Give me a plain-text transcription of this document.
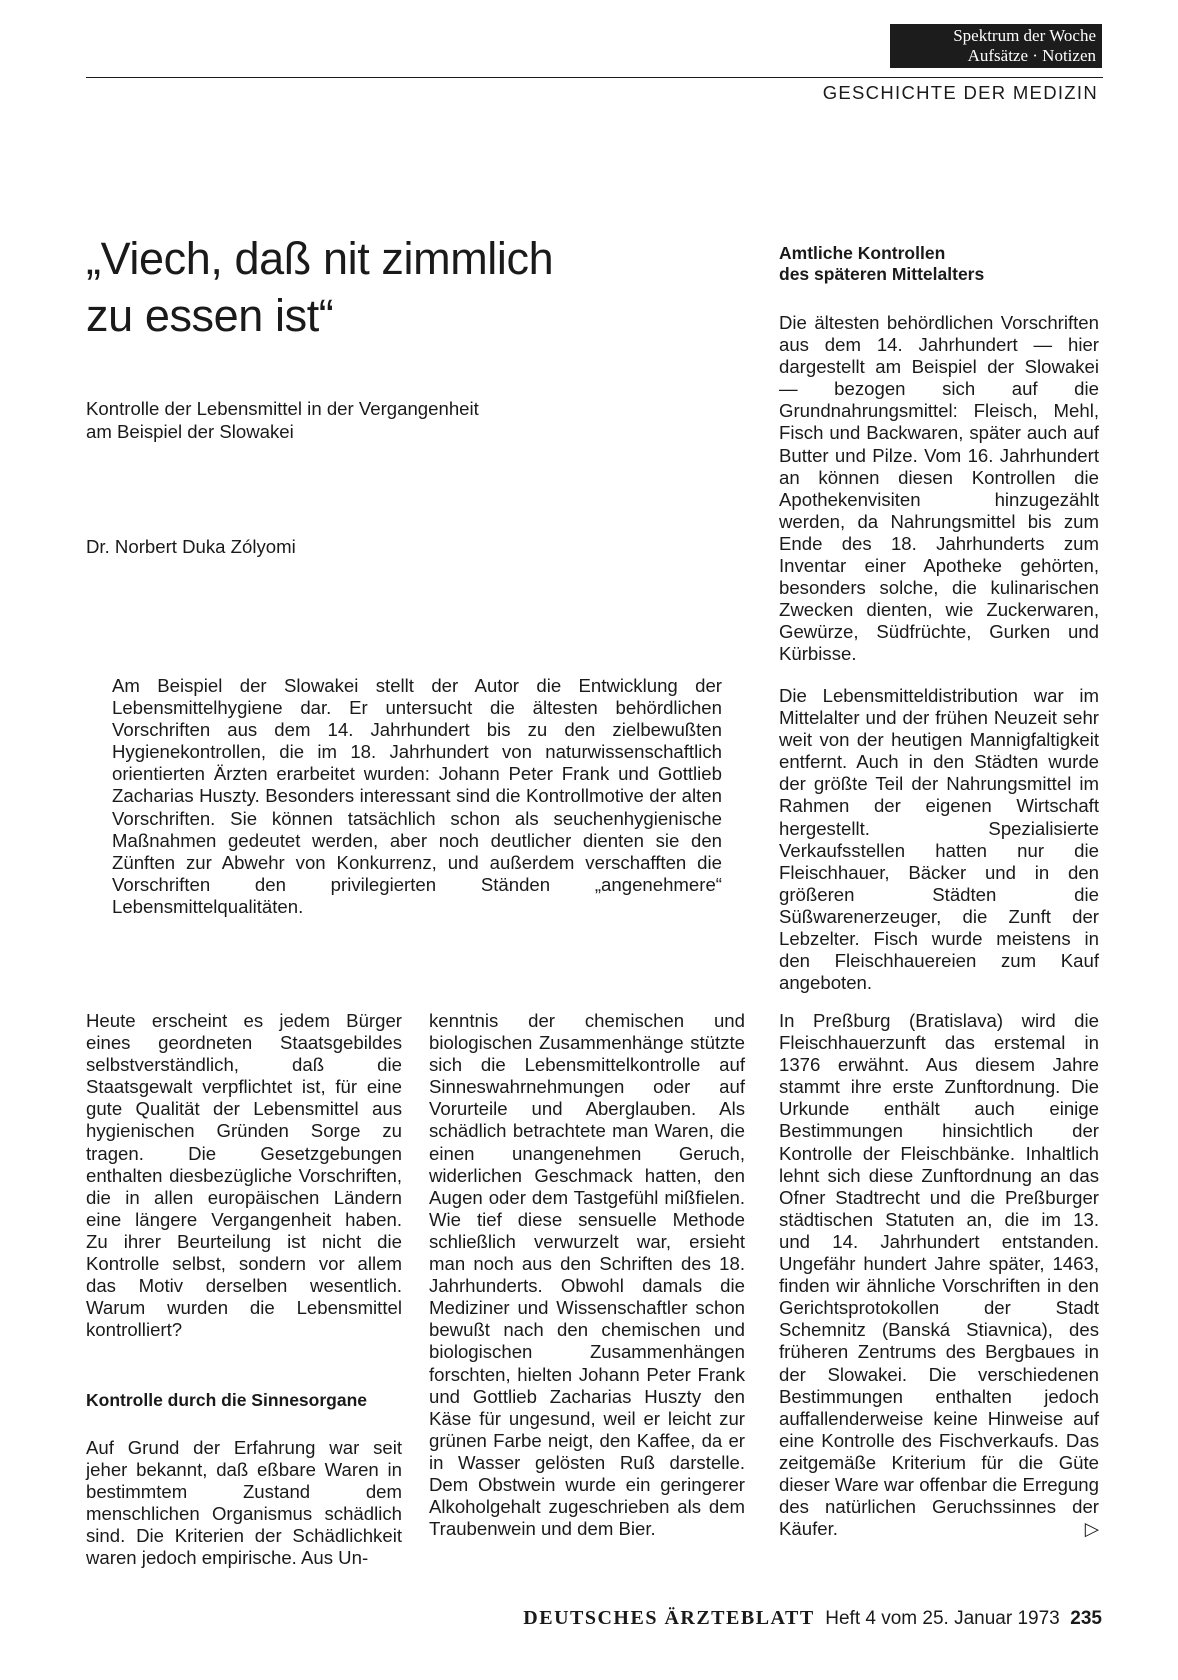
Spektrum der Woche
Aufsätze · Notizen
GESCHICHTE DER MEDIZIN
„Viech, daß nit zimmlich
zu essen ist“
Kontrolle der Lebensmittel in der Vergangenheit
am Beispiel der Slowakei
Dr. Norbert Duka Zólyomi
Am Beispiel der Slowakei stellt der Autor die Entwicklung der Lebensmittelhygiene dar. Er untersucht die ältesten behördlichen Vorschriften aus dem 14. Jahrhundert bis zu den zielbewußten Hygienekontrollen, die im 18. Jahrhundert von naturwissenschaftlich orientierten Ärzten erarbeitet wurden: Johann Peter Frank und Gottlieb Zacharias Huszty. Besonders interessant sind die Kontrollmotive der alten Vorschriften. Sie können tatsächlich schon als seuchenhygienische Maßnahmen gedeutet werden, aber noch deutlicher dienten sie den Zünften zur Abwehr von Konkurrenz, und außerdem verschafften die Vorschriften den privilegierten Ständen „angenehmere“ Lebensmittelqualitäten.
Amtliche Kontrollen
des späteren Mittelalters
Die ältesten behördlichen Vorschriften aus dem 14. Jahrhundert — hier dargestellt am Beispiel der Slowakei — bezogen sich auf die Grundnahrungsmittel: Fleisch, Mehl, Fisch und Backwaren, später auch auf Butter und Pilze. Vom 16. Jahrhundert an können diesen Kontrollen die Apothekenvisiten hinzugezählt werden, da Nahrungsmittel bis zum Ende des 18. Jahrhunderts zum Inventar einer Apotheke gehörten, besonders solche, die kulinarischen Zwecken dienten, wie Zuckerwaren, Gewürze, Südfrüchte, Gurken und Kürbisse.
Die Lebensmitteldistribution war im Mittelalter und der frühen Neuzeit sehr weit von der heutigen Mannigfaltigkeit entfernt. Auch in den Städten wurde der größte Teil der Nahrungsmittel im Rahmen der eigenen Wirtschaft hergestellt. Spezialisierte Verkaufsstellen hatten nur die Fleischhauer, Bäcker und in den größeren Städten die Süßwarenerzeuger, die Zunft der Lebzelter. Fisch wurde meistens in den Fleischhauereien zum Kauf angeboten.
Heute erscheint es jedem Bürger eines geordneten Staatsgebildes selbstverständlich, daß die Staatsgewalt verpflichtet ist, für eine gute Qualität der Lebensmittel aus hygienischen Gründen Sorge zu tragen. Die Gesetzgebungen enthalten diesbezügliche Vorschriften, die in allen europäischen Ländern eine längere Vergangenheit haben. Zu ihrer Beurteilung ist nicht die Kontrolle selbst, sondern vor allem das Motiv derselben wesentlich. Warum wurden die Lebensmittel kontrolliert?
Kontrolle durch die Sinnesorgane
Auf Grund der Erfahrung war seit jeher bekannt, daß eßbare Waren in bestimmtem Zustand dem menschlichen Organismus schädlich sind. Die Kriterien der Schädlichkeit waren jedoch empirische. Aus Un-
kenntnis der chemischen und biologischen Zusammenhänge stützte sich die Lebensmittelkontrolle auf Sinneswahrnehmungen oder auf Vorurteile und Aberglauben. Als schädlich betrachtete man Waren, die einen unangenehmen Geruch, widerlichen Geschmack hatten, den Augen oder dem Tastgefühl mißfielen. Wie tief diese sensuelle Methode schließlich verwurzelt war, ersieht man noch aus den Schriften des 18. Jahrhunderts. Obwohl damals die Mediziner und Wissenschaftler schon bewußt nach den chemischen und biologischen Zusammenhängen forschten, hielten Johann Peter Frank und Gottlieb Zacharias Huszty den Käse für ungesund, weil er leicht zur grünen Farbe neigt, den Kaffee, da er in Wasser gelösten Ruß darstelle. Dem Obstwein wurde ein geringerer Alkoholgehalt zugeschrieben als dem Traubenwein und dem Bier.
In Preßburg (Bratislava) wird die Fleischhauerzunft das erstemal in 1376 erwähnt. Aus diesem Jahre stammt ihre erste Zunftordnung. Die Urkunde enthält auch einige Bestimmungen hinsichtlich der Kontrolle der Fleischbänke. Inhaltlich lehnt sich diese Zunftordnung an das Ofner Stadtrecht und die Preßburger städtischen Statuten an, die im 13. und 14. Jahrhundert entstanden. Ungefähr hundert Jahre später, 1463, finden wir ähnliche Vorschriften in den Gerichtsprotokollen der Stadt Schemnitz (Banská Stiavnica), des früheren Zentrums des Bergbaues in der Slowakei. Die verschiedenen Bestimmungen enthalten jedoch auffallenderweise keine Hinweise auf eine Kontrolle des Fischverkaufs. Das zeitgemäße Kriterium für die Güte dieser Ware war offenbar die Erregung des natürlichen Geruchssinnes der Käufer.	▷
DEUTSCHES ÄRZTEBLATT Heft 4 vom 25. Januar 1973 235
